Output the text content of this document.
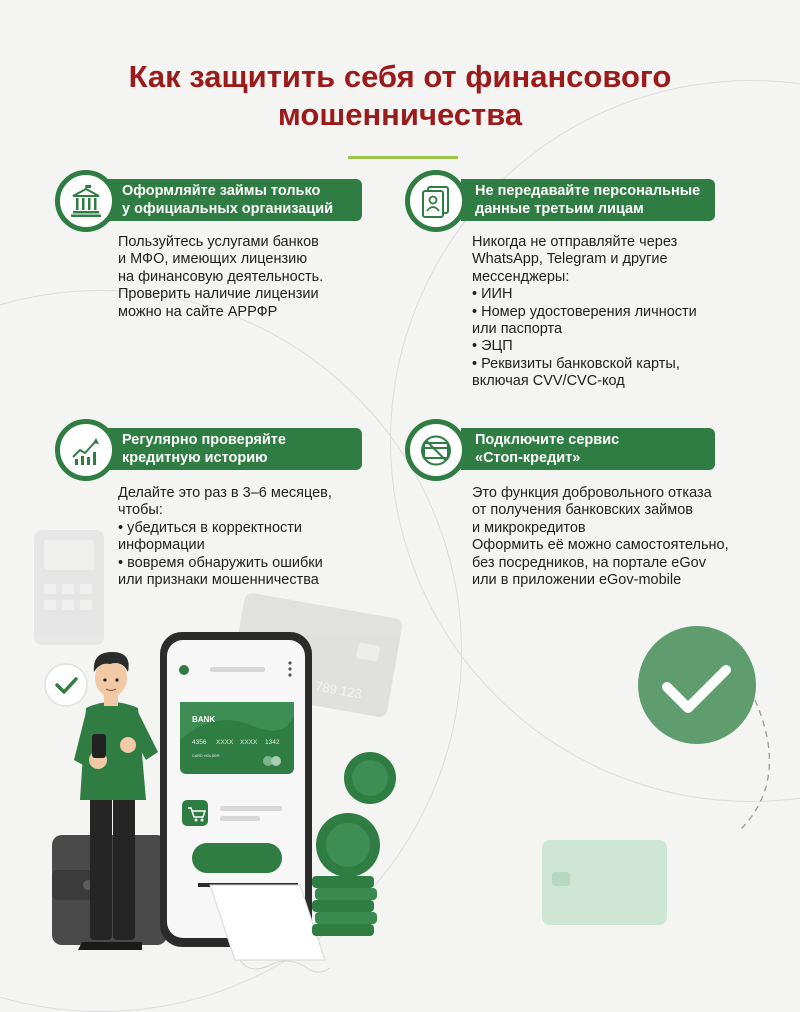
Как защитить себя от финансового
мошенничества
Оформляйте займы только
у официальных организаций
Пользуйтесь услугами банков
и МФО, имеющих лицензию
на финансовую деятельность.
Проверить наличие лицензии
можно на сайте АРРФР
Не передавайте персональные
данные третьим лицам
Никогда не отправляйте через
WhatsApp, Telegram и другие
мессенджеры:
• ИИН
• Номер удостоверения личности
или паспорта
• ЭЦП
• Реквизиты банковской карты,
включая CVV/CVC-код
Регулярно проверяйте
кредитную историю
Делайте это раз в 3–6 месяцев,
чтобы:
• убедиться в корректности
информации
• вовремя обнаружить ошибки
или признаки мошенничества
Подключите сервис
«Стоп-кредит»
Это функция добровольного отказа
от получения банковских займов
и микрокредитов
Оформить её можно самостоятельно,
без посредников, на портале eGov
или в приложении eGov-mobile
789 123
BANK
4356 XXXX XXXX 1342
CARD HOLDER
